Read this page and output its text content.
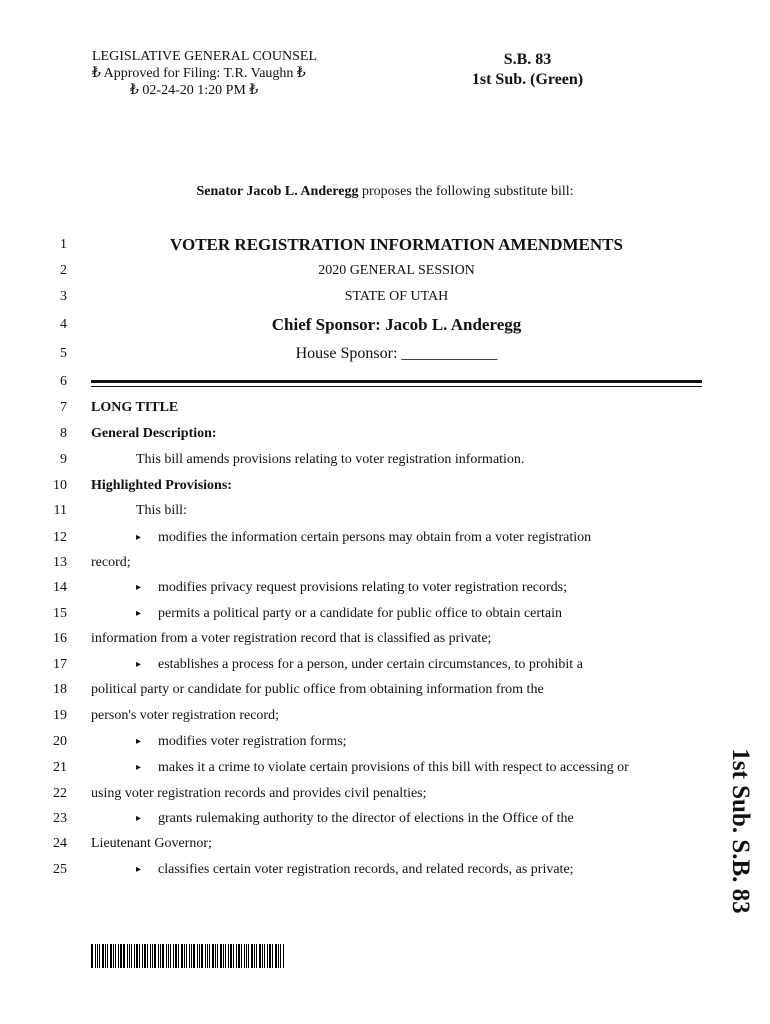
LEGISLATIVE GENERAL COUNSEL
₺ Approved for Filing: T.R. Vaughn ₺
₺ 02-24-20 1:20 PM ₺
S.B. 83
1st Sub. (Green)
Senator Jacob L. Anderegg proposes the following substitute bill:
1	VOTER REGISTRATION INFORMATION AMENDMENTS
2	2020 GENERAL SESSION
3	STATE OF UTAH
4	Chief Sponsor: Jacob L. Anderegg
5	House Sponsor: ____________
6
7 LONG TITLE
8 General Description:
9	This bill amends provisions relating to voter registration information.
10 Highlighted Provisions:
11	This bill:
12	▸ modifies the information certain persons may obtain from a voter registration
13 record;
14	▸ modifies privacy request provisions relating to voter registration records;
15	▸ permits a political party or a candidate for public office to obtain certain
16 information from a voter registration record that is classified as private;
17	▸ establishes a process for a person, under certain circumstances, to prohibit a
18 political party or candidate for public office from obtaining information from the
19 person's voter registration record;
20	▸ modifies voter registration forms;
21	▸ makes it a crime to violate certain provisions of this bill with respect to accessing or
22 using voter registration records and provides civil penalties;
23	▸ grants rulemaking authority to the director of elections in the Office of the
24 Lieutenant Governor;
25	▸ classifies certain voter registration records, and related records, as private;	1st Sub. S.B. 83
